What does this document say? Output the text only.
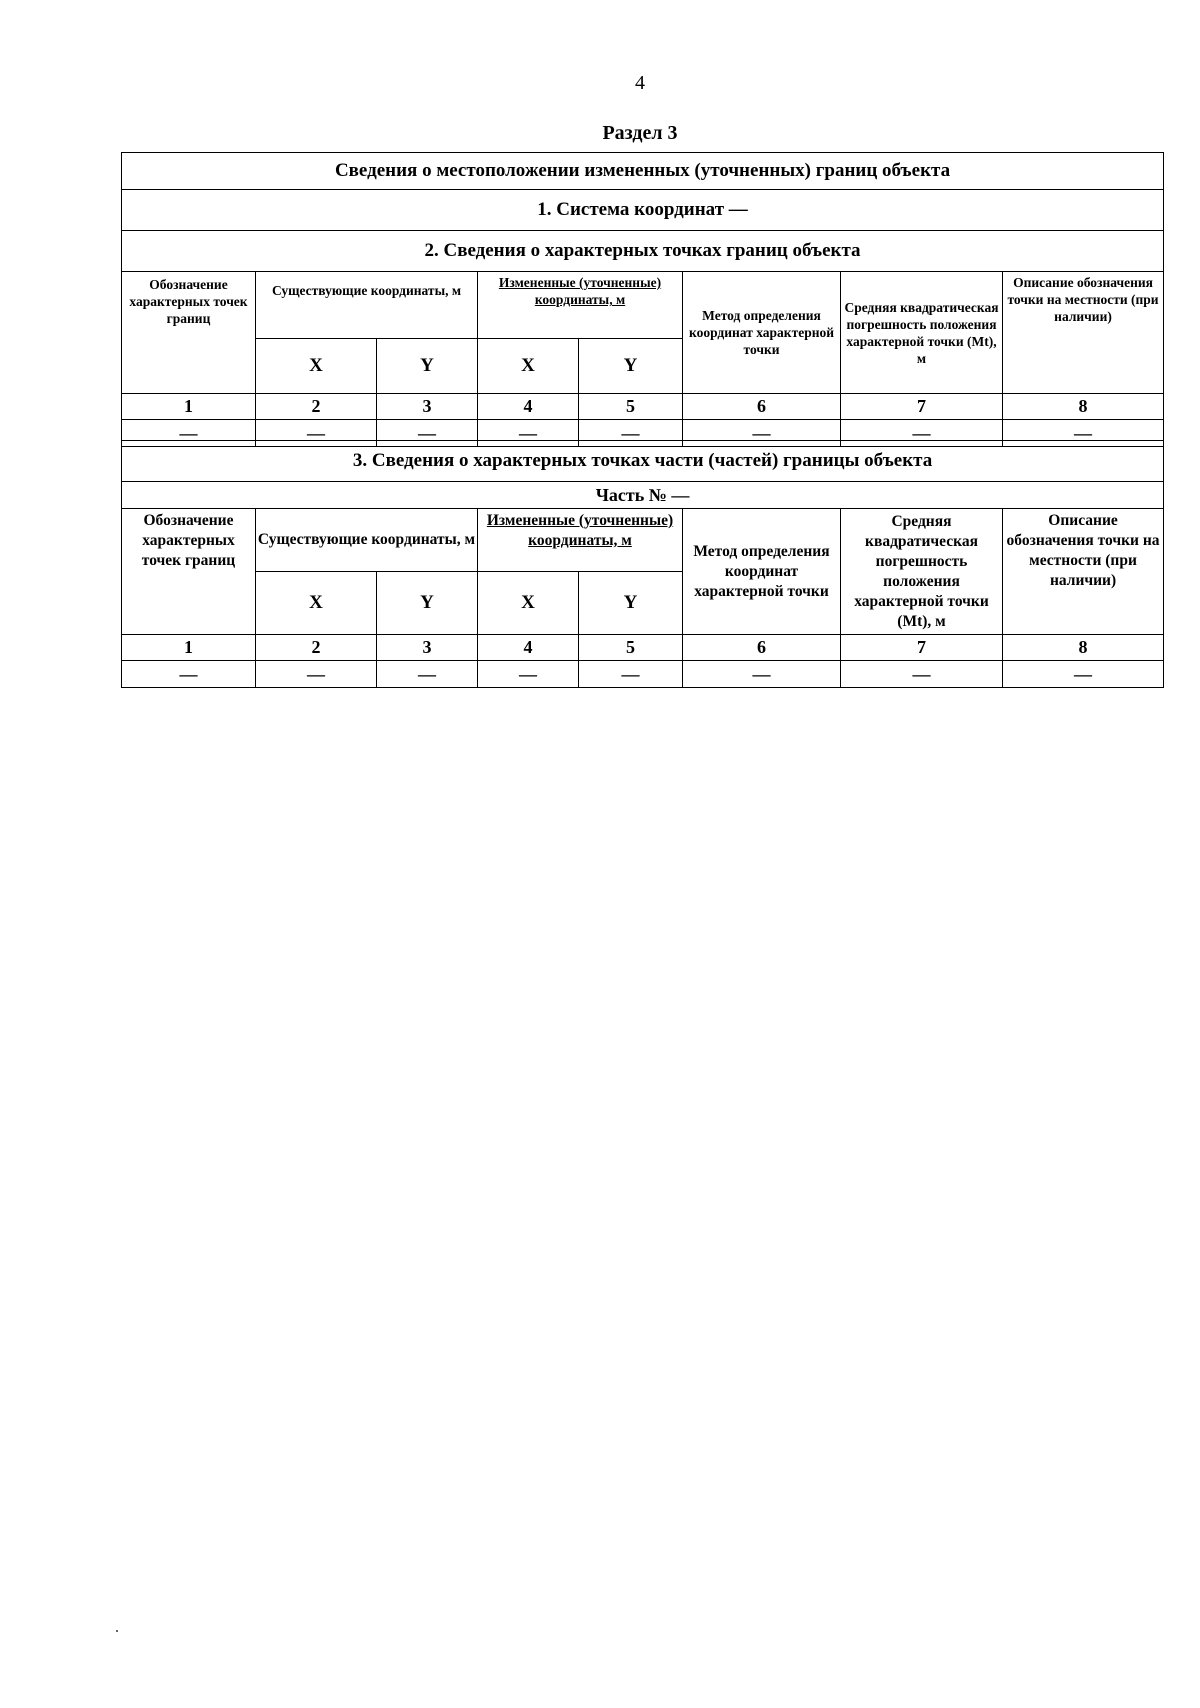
4
Раздел 3
Сведения о местоположении измененных (уточненных) границ объекта							
1. Система координат —							
2. Сведения о характерных точках границ объекта							
Обозначение характерных точек границ	Существующие координаты, м		Измененные (уточненные) координаты, м		Метод определения координат характерной точки	Средняя квадратическая погрешность положения характерной точки (Mt), м	Описание обозначения точки на местности (при наличии)
	X	Y	X	Y			
1	2	3	4	5	6	7	8
—	—	—	—	—	—	—	—
3. Сведения о характерных точках части (частей) границы объекта							
Часть № —							
Обозначение характерных точек границ	Существующие координаты, м		Измененные (уточненные) координаты, м		Метод определения координат характерной точки	Средняя квадратическая погрешность положения характерной точки (Mt), м	Описание обозначения точки на местности (при наличии)
	X	Y	X	Y			
1	2	3	4	5	6	7	8
—	—	—	—	—	—	—	—
